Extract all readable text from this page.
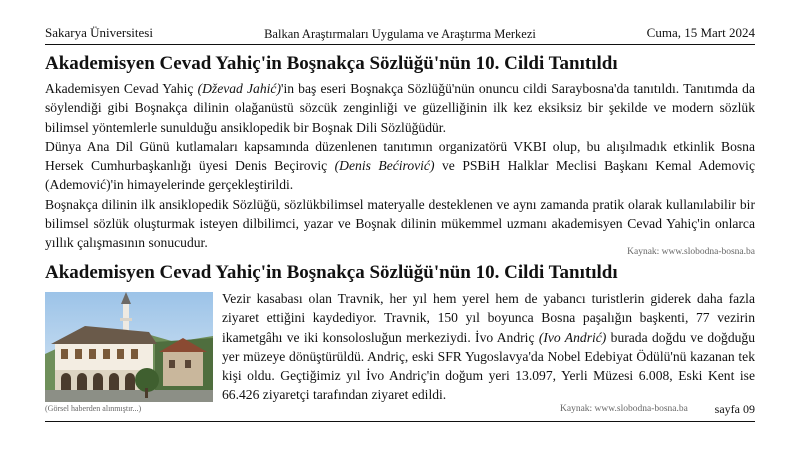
Sakarya Üniversitesi	Balkan Araştırmaları Uygulama ve Araştırma Merkezi	Cuma, 15 Mart 2024
Akademisyen Cevad Yahiç'in Boşnakça Sözlüğü'nün 10. Cildi Tanıtıldı

Akademisyen Cevad Yahiç (Dževad Jahić)'in baş eseri Boşnakça Sözlüğü'nün onuncu cildi Saraybosna'da tanıtıldı. Tanıtımda da söylendiği gibi Boşnakça dilinin olağanüstü sözcük zenginliği ve güzelliğinin ilk kez eksiksiz bir şekilde ve modern sözlük bilimsel yöntemlerle sunulduğu ansiklopedik bir Boşnak Dili Sözlüğüdür.

Dünya Ana Dil Günü kutlamaları kapsamında düzenlenen tanıtımın organizatörü VKBI olup, bu alışılmadık etkinlik Bosna Hersek Cumhurbaşkanlığı üyesi Denis Beçiroviç (Denis Bećirović) ve PSBiH Halklar Meclisi Başkanı Kemal Ademoviç (Ademović)'in himayelerinde gerçekleştirildi.

Boşnakça dilinin ilk ansiklopedik Sözlüğü, sözlükbilimsel materyalle desteklenen ve aynı zamanda pratik olarak kullanılabilir bir bilimsel sözlük oluşturmak isteyen dilbilimci, yazar ve Boşnak dilinin mükemmel uzmanı akademisyen Cevad Yahiç'in onlarca yıllık çalışmasının sonucudur.

Kaynak: www.slobodna-bosna.ba
Akademisyen Cevad Yahiç'in Boşnakça Sözlüğü'nün 10. Cildi Tanıtıldı
(Görsel haberden alınmıştır...)

Vezir kasabası olan Travnik, her yıl hem yerel hem de yabancı turistlerin giderek daha fazla ziyaret ettiğini kaydediyor. Travnik, 150 yıl boyunca Bosna paşalığın başkenti, 77 vezirin ikametgâhı ve iki konsolosluğun merkeziydi. İvo Andriç (Ivo Andrić) burada doğdu ve doğduğu yer müzeye dönüştürüldü. Andriç, eski SFR Yugoslavya'da Nobel Edebiyat Ödülü'nü kazanan tek kişi oldu. Geçtiğimiz yıl İvo Andriç'in doğum yeri 13.097, Yerli Müzesi 6.008, Eski Kent ise 66.426 ziyaretçi tarafından ziyaret edildi.

Kaynak: www.slobodna-bosna.ba sayfa 09
